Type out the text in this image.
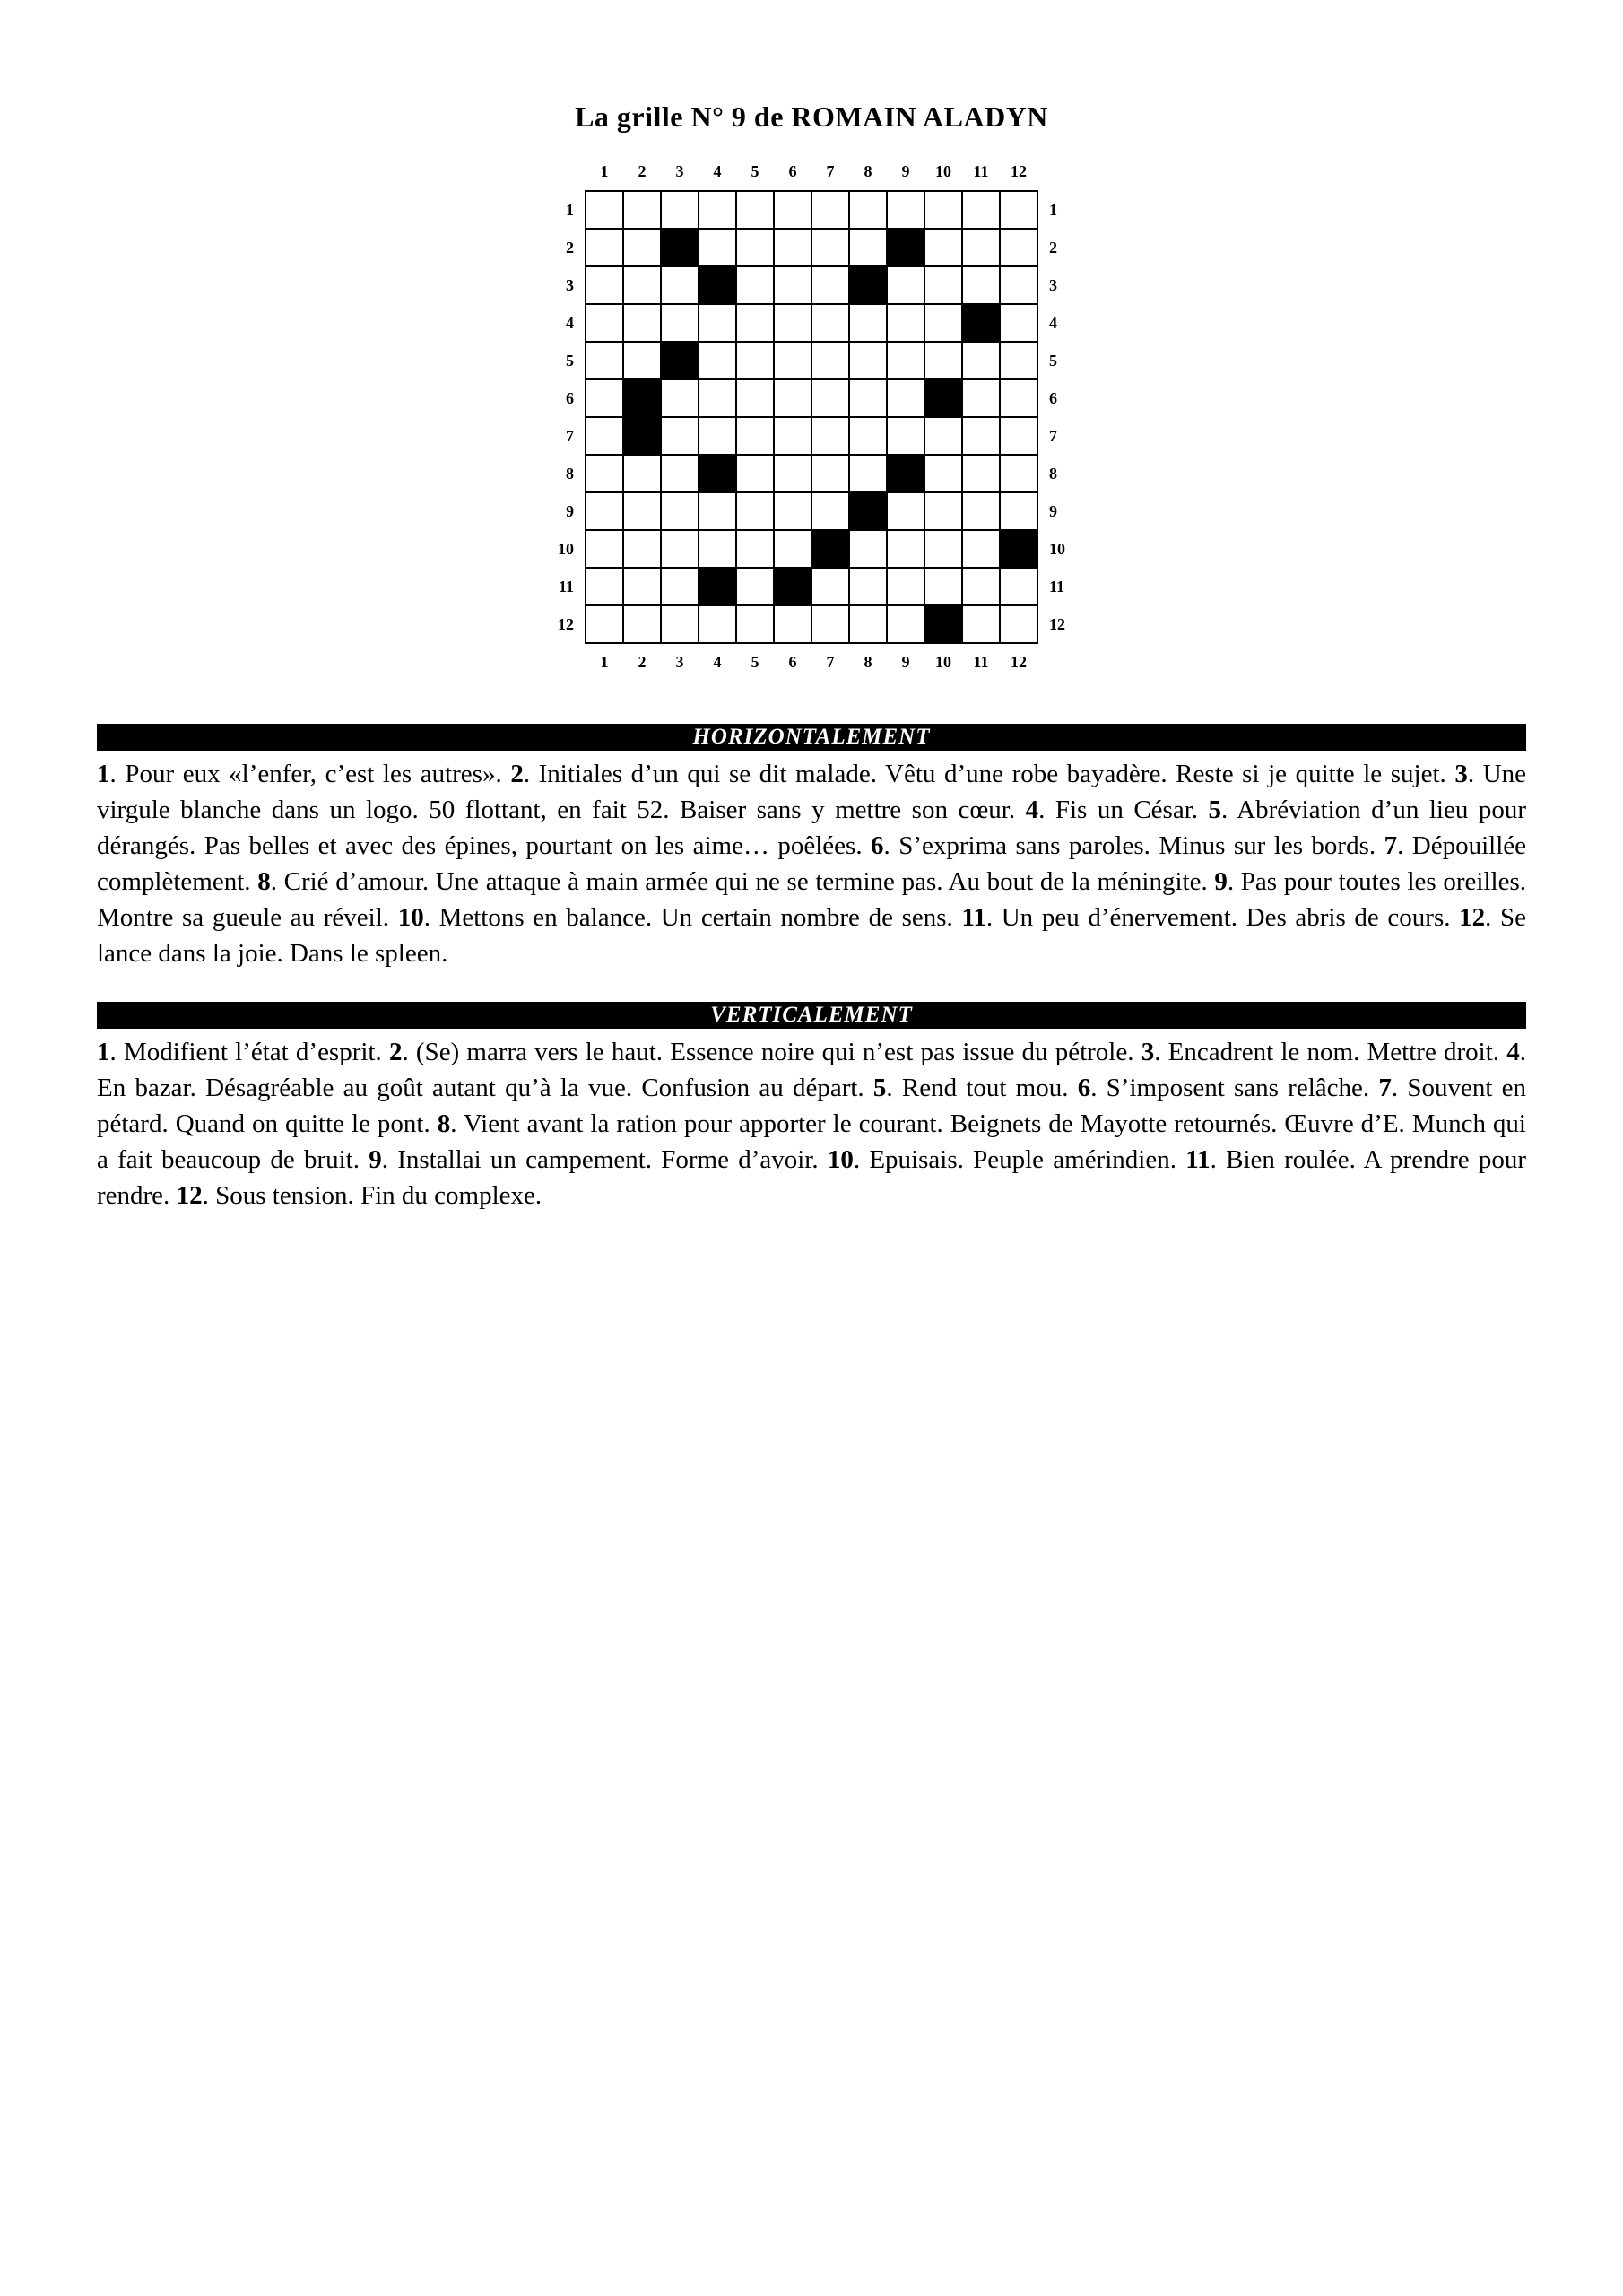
La grille N° 9 de ROMAIN ALADYN
	1	2	3	4	5	6	7	8	9	10	11	12	
1													1
2													2
3													3
4													4
5													5
6													6
7													7
8													8
9													9
10													10
11													11
12													12
	1	2	3	4	5	6	7	8	9	10	11	12	
HORIZONTALEMENT

1. Pour eux «l’enfer, c’est les autres». 2. Initiales d’un qui se dit malade. Vêtu d’une robe bayadère. Reste si je quitte le sujet. 3. Une virgule blanche dans un logo. 50 flottant, en fait 52. Baiser sans y mettre son cœur. 4. Fis un César. 5. Abréviation d’un lieu pour dérangés. Pas belles et avec des épines, pourtant on les aime… poêlées. 6. S’exprima sans paroles. Minus sur les bords. 7. Dépouillée complètement. 8. Crié d’amour. Une attaque à main armée qui ne se termine pas. Au bout de la méningite. 9. Pas pour toutes les oreilles. Montre sa gueule au réveil. 10. Mettons en balance. Un certain nombre de sens. 11. Un peu d’énervement. Des abris de cours. 12. Se lance dans la joie. Dans le spleen.

VERTICALEMENT

1. Modifient l’état d’esprit. 2. (Se) marra vers le haut. Essence noire qui n’est pas issue du pétrole. 3. Encadrent le nom. Mettre droit. 4. En bazar. Désagréable au goût autant qu’à la vue. Confusion au départ. 5. Rend tout mou. 6. S’imposent sans relâche. 7. Souvent en pétard. Quand on quitte le pont. 8. Vient avant la ration pour apporter le courant. Beignets de Mayotte retournés. Œuvre d’E. Munch qui a fait beaucoup de bruit. 9. Installai un campement. Forme d’avoir. 10. Epuisais. Peuple amérindien. 11. Bien roulée. A prendre pour rendre. 12. Sous tension. Fin du complexe.
